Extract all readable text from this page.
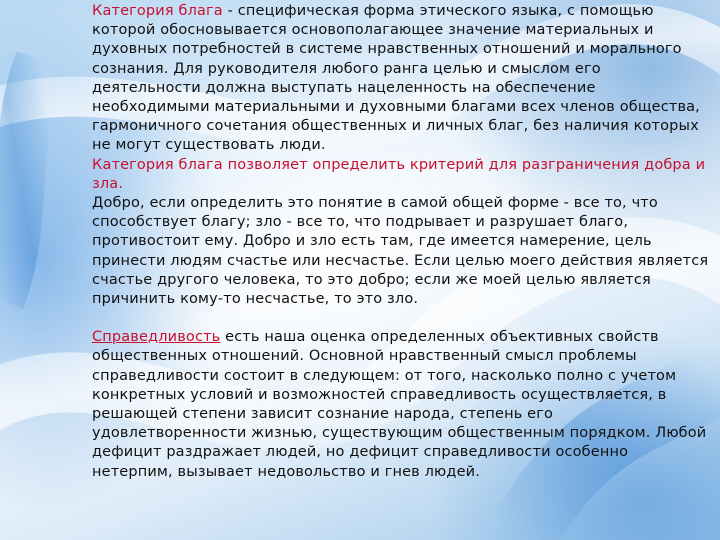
Категория блага - специфическая форма этического языка, с помощью которой обосновывается основополагающее значение материальных и духовных потребностей в системе нравственных отношений и морального сознания. Для руководителя любого ранга целью и смыслом его деятельности должна выступать нацеленность на обеспечение необходимыми материальными и духовными благами всех членов общества, гармоничного сочетания общественных и личных благ, без наличия которых не могут существовать люди.

Категория блага позволяет определить критерий для разграничения добра и зла.

Добро, если определить это понятие в самой общей форме - все то, что способствует благу; зло - все то, что подрывает и разрушает благо, противостоит ему. Добро и зло есть там, где имеется намерение, цель принести людям счастье или несчастье. Если целью моего действия является счастье другого человека, то это добро; если же моей целью является причинить кому-то несчастье, то это зло.

Справедливость есть наша оценка определенных объективных свойств общественных отношений. Основной нравственный смысл проблемы справедливости состоит в следующем: от того, насколько полно с учетом конкретных условий и возможностей справедливость осуществляется, в решающей степени зависит сознание народа, степень его удовлетворенности жизнью, существующим общественным порядком. Любой дефицит раздражает людей, но дефицит справедливости особенно нетерпим, вызывает недовольство и гнев людей.
